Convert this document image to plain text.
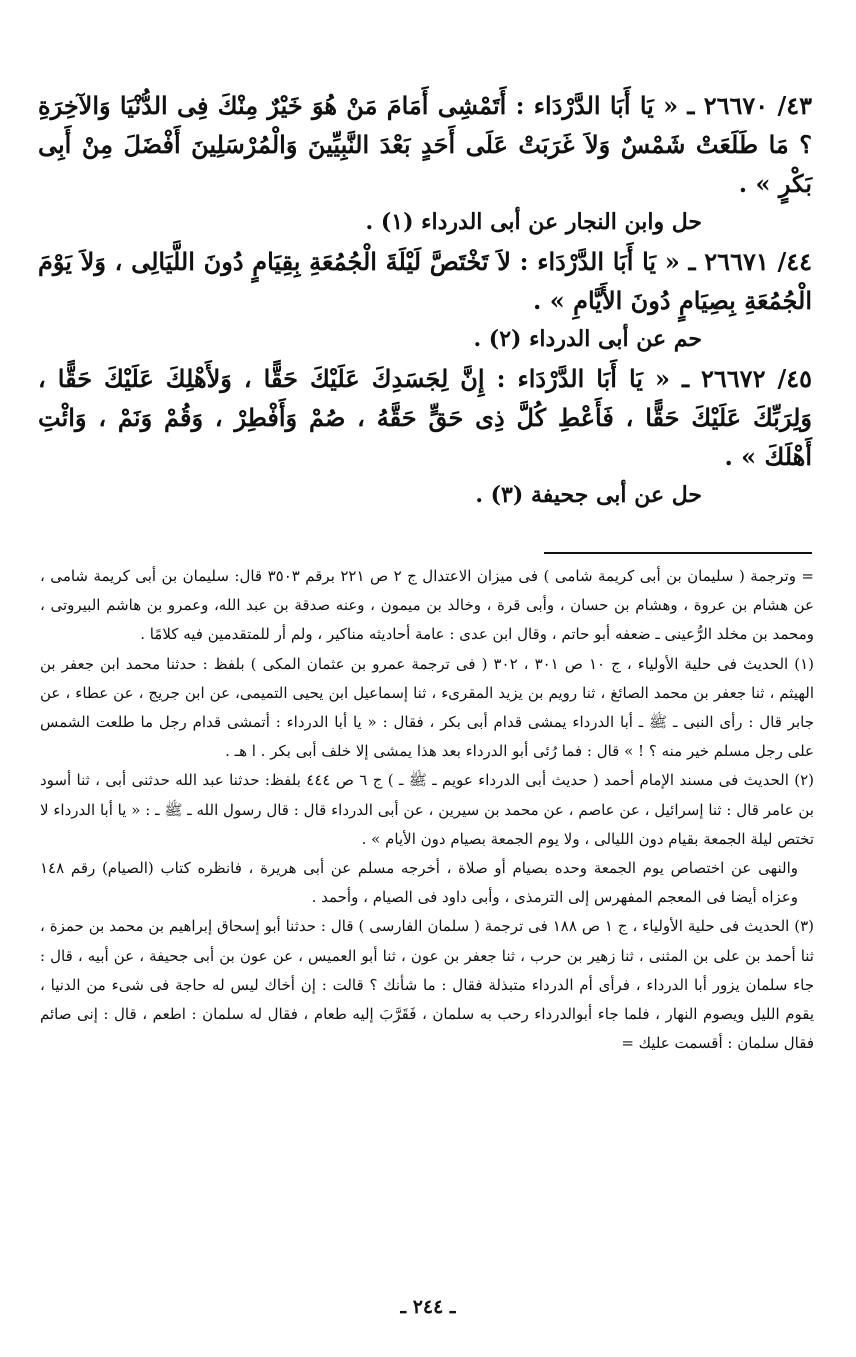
٤٣/ ٢٦٦٧٠ ـ « يَا أَبَا الدَّرْدَاء : أَتَمْشِى أَمَامَ مَنْ هُوَ خَيْرٌ مِنْكَ فِى الدُّنْيَا وَالآخِرَةِ ؟ مَا طَلَعَتْ شَمْسٌ وَلاَ غَرَبَتْ عَلَى أَحَدٍ بَعْدَ النَّبِيِّينَ وَالْمُرْسَلِينَ أَفْضَلَ مِنْ أَبِى بَكْرٍ » .

حل وابن النجار عن أبى الدرداء (١) .

٤٤/ ٢٦٦٧١ ـ « يَا أَبَا الدَّرْدَاء : لاَ تَخْتَصَّ لَيْلَةَ الْجُمُعَةِ بِقِيَامٍ دُونَ اللَّيَالِى ، وَلاَ يَوْمَ الْجُمُعَةِ بِصِيَامٍ دُونَ الأَيَّامِ » .

حم عن أبى الدرداء (٢) .

٤٥/ ٢٦٦٧٢ ـ « يَا أَبَا الدَّرْدَاء : إِنَّ لِجَسَدِكَ عَلَيْكَ حَقًّا ، وَلأَهْلِكَ عَلَيْكَ حَقًّا ، وَلِرَبِّكَ عَلَيْكَ حَقًّا ، فَأَعْطِ كُلَّ ذِى حَقٍّ حَقَّهُ ، صُمْ وَأَفْطِرْ ، وَقُمْ وَنَمْ ، وَائْتِ أَهْلَكَ » .

حل عن أبى جحيفة (٣) .

= وترجمة ( سليمان بن أبى كريمة شامى ) فى ميزان الاعتدال ج ٢ ص ٢٢١ برقم ٣٥٠٣ قال: سليمان بن أبى كريمة شامى ، عن هشام بن عروة ، وهشام بن حسان ، وأبى قرة ، وخالد بن ميمون ، وعنه صدقة بن عبد الله، وعمرو بن هاشم البيروتى ، ومحمد بن مخلد الرُّعينى ـ ضعفه أبو حاتم ، وقال ابن عدى : عامة أحاديثه مناكير ، ولم أر للمتقدمين فيه كلامًا .

(١) الحديث فى حلية الأولياء ، ج ١٠ ص ٣٠١ ، ٣٠٢ ( فى ترجمة عمرو بن عثمان المكى ) بلفظ : حدثنا محمد ابن جعفر بن الهيثم ، ثنا جعفر بن محمد الصائغ ، ثنا رويم بن يزيد المقرىء ، ثنا إسماعيل ابن يحيى التميمى، عن ابن جريج ، عن عطاء ، عن جابر قال : رأى النبى ـ ﷺ ـ أبا الدرداء يمشى قدام أبى بكر ، فقال : « يا أبا الدرداء : أتمشى قدام رجل ما طلعت الشمس على رجل مسلم خير منه ؟ ! » قال : فما رُئى أبو الدرداء بعد هذا يمشى إلا خلف أبى بكر . ا هـ .

(٢) الحديث فى مسند الإمام أحمد ( حديث أبى الدرداء عويم ـ ﷺ ـ ) ج ٦ ص ٤٤٤ بلفظ: حدثنا عبد الله حدثنى أبى ، ثنا أسود بن عامر قال : ثنا إسرائيل ، عن عاصم ، عن محمد بن سيرين ، عن أبى الدرداء قال : قال رسول الله ـ ﷺ ـ : « يا أبا الدرداء لا تختص ليلة الجمعة بقيام دون الليالى ، ولا يوم الجمعة بصيام دون الأيام » .

والنهى عن اختصاص يوم الجمعة وحده بصيام أو صلاة ، أخرجه مسلم عن أبى هريرة ، فانظره كتاب (الصيام) رقم ١٤٨ وعزاه أيضا فى المعجم المفهرس إلى الترمذى ، وأبى داود فى الصيام ، وأحمد .

(٣) الحديث فى حلية الأولياء ، ج ١ ص ١٨٨ فى ترجمة ( سلمان الفارسى ) قال : حدثنا أبو إسحاق إبراهيم بن محمد بن حمزة ، ثنا أحمد بن على بن المثنى ، ثنا زهير بن حرب ، ثنا جعفر بن عون ، ثنا أبو العميس ، عن عون بن أبى جحيفة ، عن أبيه ، قال : جاء سلمان يزور أبا الدرداء ، فرأى أم الدرداء متبذلة فقال : ما شأنك ؟ قالت : إن أخاك ليس له حاجة فى شىء من الدنيا ، يقوم الليل ويصوم النهار ، فلما جاء أبوالدرداء رحب به سلمان ، فَقَرَّبَ إليه طعام ، فقال له سلمان : اطعم ، قال : إنى صائم فقال سلمان : أقسمت عليك =

ـ ٢٤٤ ـ
